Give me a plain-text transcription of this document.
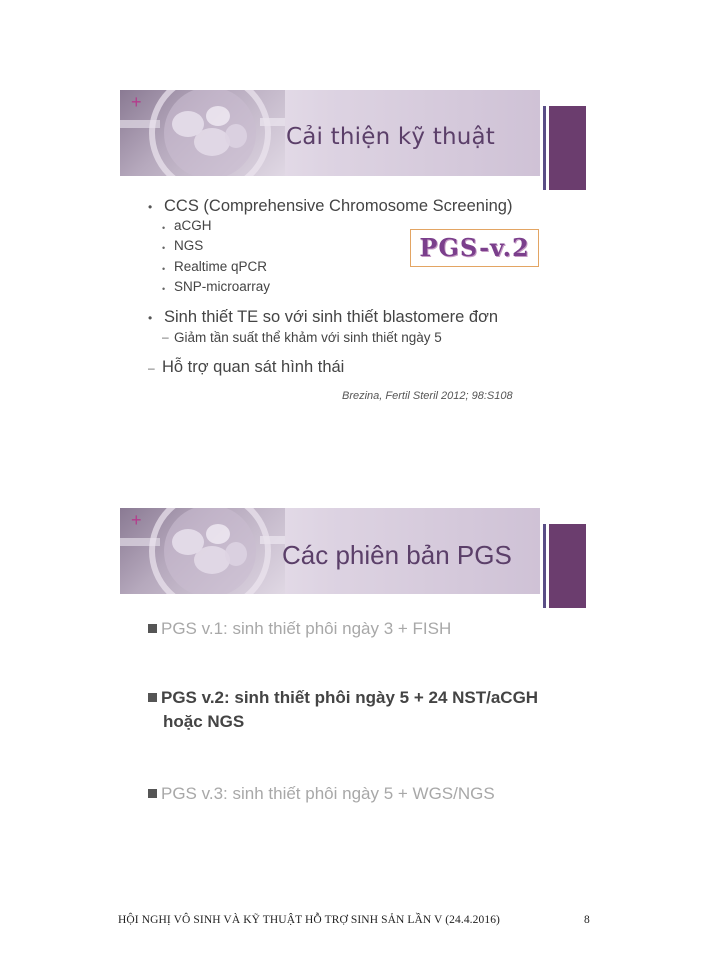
+
Cải thiện kỹ thuật
• CCS (Comprehensive Chromosome Screening)
• aCGH
• NGS
• Realtime qPCR
• SNP-microarray
PGS-v.2
• Sinh thiết TE so với sinh thiết blastomere đơn
– Giảm tần suất thể khảm với sinh thiết ngày 5
– Hỗ trợ quan sát hình thái
Brezina, Fertil Steril 2012; 98:S108
+
Các phiên bản PGS
PGS v.1: sinh thiết phôi ngày 3 + FISH
PGS v.2: sinh thiết phôi ngày 5 + 24 NST/aCGH
hoặc NGS
PGS v.3: sinh thiết phôi ngày 5 + WGS/NGS
HỘI NGHỊ VÔ SINH VÀ KỸ THUẬT HỖ TRỢ SINH SẢN LẦN V (24.4.2016)	8
